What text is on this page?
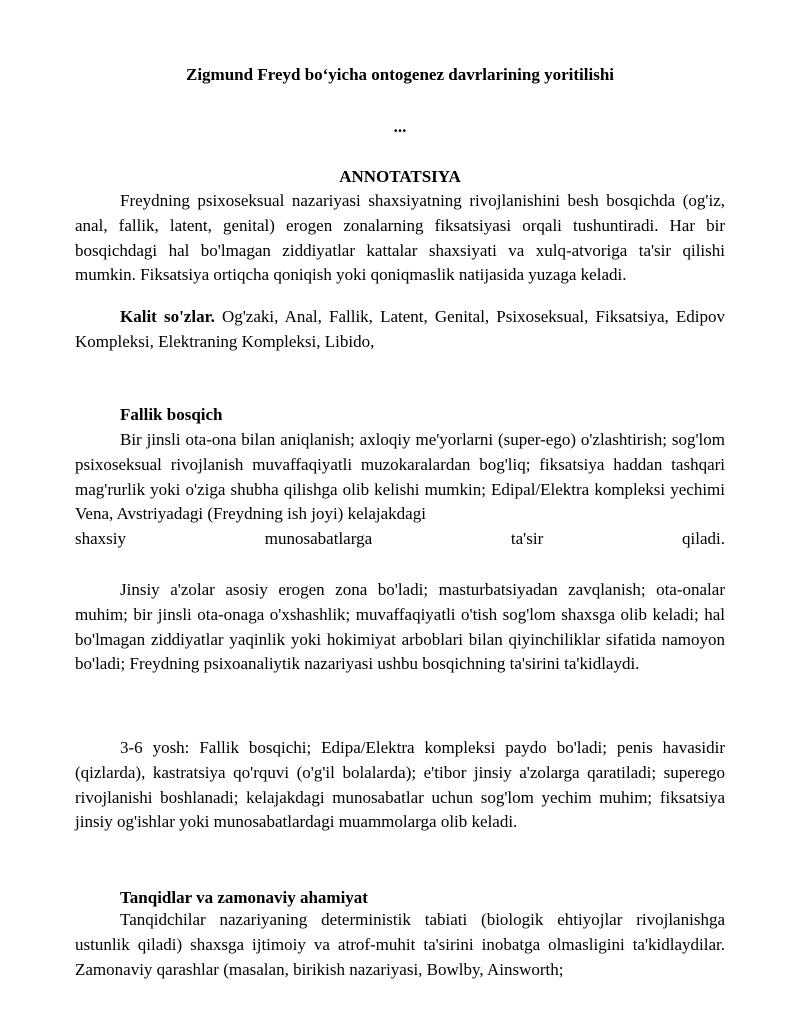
Zigmund Freyd bo‘yicha ontogenez davrlarining yoritilishi

...

ANNOTATSIYA

Freydning psixoseksual nazariyasi shaxsiyatning rivojlanishini besh bosqichda (og'iz, anal, fallik, latent, genital) erogen zonalarning fiksatsiyasi orqali tushuntiradi. Har bir bosqichdagi hal bo'lmagan ziddiyatlar kattalar shaxsiyati va xulq-atvoriga ta'sir qilishi mumkin. Fiksatsiya ortiqcha qoniqish yoki qoniqmaslik natijasida yuzaga keladi.

Kalit so'zlar. Og'zaki, Anal, Fallik, Latent, Genital, Psixoseksual, Fiksatsiya, Edipov Kompleksi, Elektraning Kompleksi, Libido,

Fallik bosqich

Bir jinsli ota-ona bilan aniqlanish; axloqiy me'yorlarni (super-ego) o'zlashtirish; sog'lom psixoseksual rivojlanish muvaffaqiyatli muzokaralardan bog'liq; fiksatsiya haddan tashqari mag'rurlik yoki o'ziga shubha qilishga olib kelishi mumkin; Edipal/Elektra kompleksi yechimi Vena, Avstriyadagi (Freydning ish joyi) kelajakdagi

shaxsiy munosabatlarga ta'sir qiladi.

Jinsiy a'zolar asosiy erogen zona bo'ladi; masturbatsiyadan zavqlanish; ota-onalar muhim; bir jinsli ota-onaga o'xshashlik; muvaffaqiyatli o'tish sog'lom shaxsga olib keladi; hal bo'lmagan ziddiyatlar yaqinlik yoki hokimiyat arboblari bilan qiyinchiliklar sifatida namoyon bo'ladi; Freydning psixoanaliytik nazariyasi ushbu bosqichning ta'sirini ta'kidlaydi.

3-6 yosh: Fallik bosqichi; Edipa/Elektra kompleksi paydo bo'ladi; penis havasidir (qizlarda), kastratsiya qo'rquvi (o'g'il bolalarda); e'tibor jinsiy a'zolarga qaratiladi; superego rivojlanishi boshlanadi; kelajakdagi munosabatlar uchun sog'lom yechim muhim; fiksatsiya jinsiy og'ishlar yoki munosabatlardagi muammolarga olib keladi.

Tanqidlar va zamonaviy ahamiyat

Tanqidchilar nazariyaning deterministik tabiati (biologik ehtiyojlar rivojlanishga ustunlik qiladi) shaxsga ijtimoiy va atrof-muhit ta'sirini inobatga olmasligini ta'kidlaydilar. Zamonaviy qarashlar (masalan, birikish nazariyasi, Bowlby, Ainsworth;
